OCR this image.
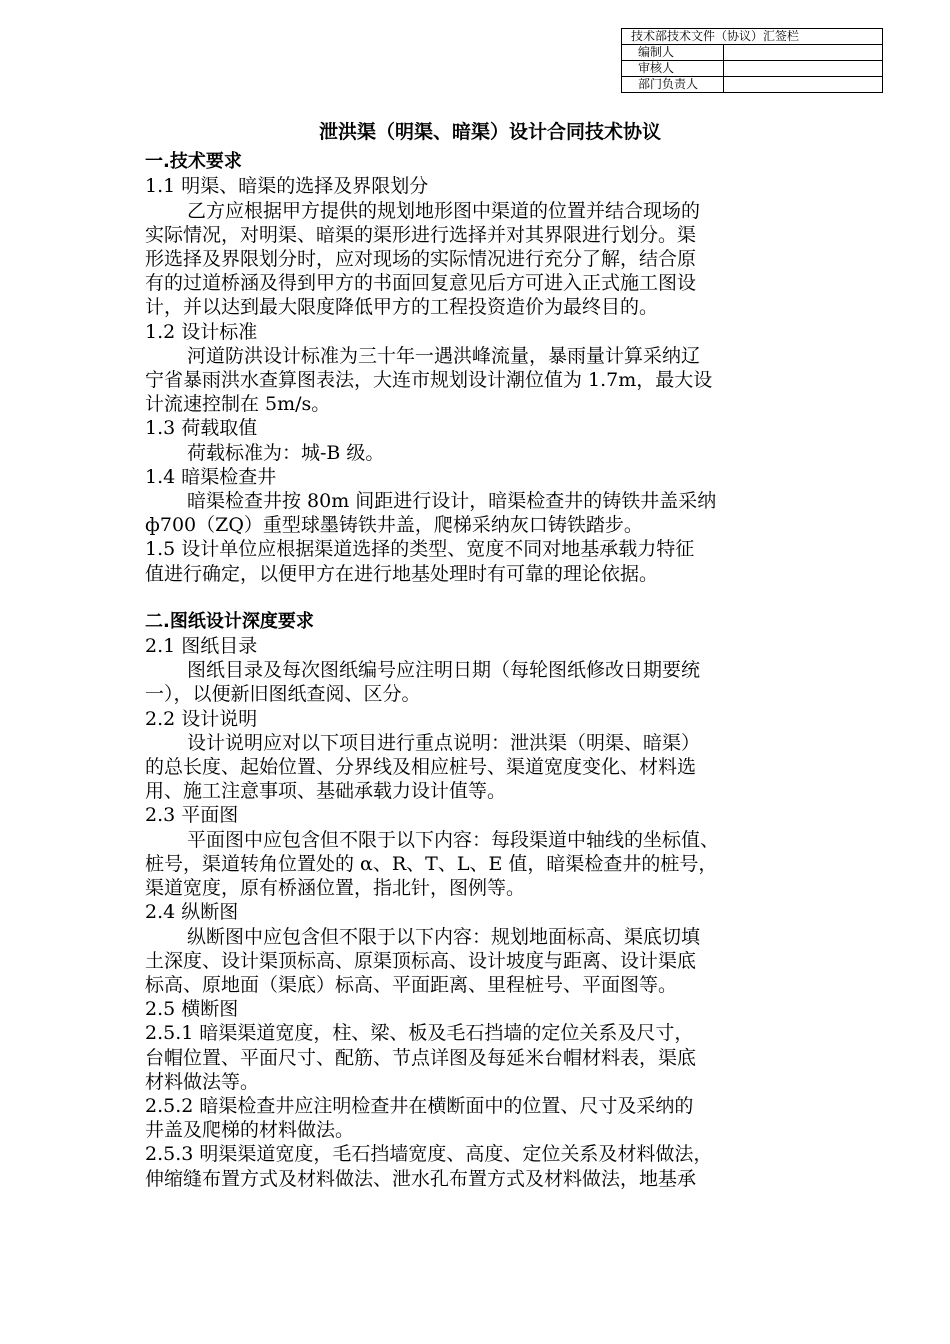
技术部技术文件（协议）汇签栏	
编制人	
审核人	
部门负责人	

泄洪渠（明渠、暗渠）设计合同技术协议

一.技术要求

1.1 明渠、暗渠的选择及界限划分

乙方应根据甲方提供的规划地形图中渠道的位置并结合现场的

实际情况，对明渠、暗渠的渠形进行选择并对其界限进行划分。渠

形选择及界限划分时，应对现场的实际情况进行充分了解，结合原

有的过道桥涵及得到甲方的书面回复意见后方可进入正式施工图设

计，并以达到最大限度降低甲方的工程投资造价为最终目的。

1.2 设计标准

河道防洪设计标准为三十年一遇洪峰流量，暴雨量计算采纳辽

宁省暴雨洪水查算图表法，大连市规划设计潮位值为 1.7m，最大设

计流速控制在 5m/s。

1.3 荷载取值

荷载标准为：城-B 级。

1.4 暗渠检查井

暗渠检查井按 80m 间距进行设计，暗渠检查井的铸铁井盖采纳

ф700（ZQ）重型球墨铸铁井盖，爬梯采纳灰口铸铁踏步。

1.5 设计单位应根据渠道选择的类型、宽度不同对地基承载力特征

值进行确定，以便甲方在进行地基处理时有可靠的理论依据。

二.图纸设计深度要求

2.1 图纸目录

图纸目录及每次图纸编号应注明日期（每轮图纸修改日期要统

一），以便新旧图纸查阅、区分。

2.2 设计说明

设计说明应对以下项目进行重点说明：泄洪渠（明渠、暗渠）

的总长度、起始位置、分界线及相应桩号、渠道宽度变化、材料选

用、施工注意事项、基础承载力设计值等。

2.3 平面图

平面图中应包含但不限于以下内容：每段渠道中轴线的坐标值、

桩号，渠道转角位置处的 α、R、T、L、E 值，暗渠检查井的桩号，

渠道宽度，原有桥涵位置，指北针，图例等。

2.4 纵断图

纵断图中应包含但不限于以下内容：规划地面标高、渠底切填

土深度、设计渠顶标高、原渠顶标高、设计坡度与距离、设计渠底

标高、原地面（渠底）标高、平面距离、里程桩号、平面图等。

2.5 横断图

2.5.1 暗渠渠道宽度，柱、梁、板及毛石挡墙的定位关系及尺寸，

台帽位置、平面尺寸、配筋、节点详图及每延米台帽材料表，渠底

材料做法等。

2.5.2 暗渠检查井应注明检查井在横断面中的位置、尺寸及采纳的

井盖及爬梯的材料做法。

2.5.3 明渠渠道宽度，毛石挡墙宽度、高度、定位关系及材料做法，

伸缩缝布置方式及材料做法、泄水孔布置方式及材料做法，地基承
